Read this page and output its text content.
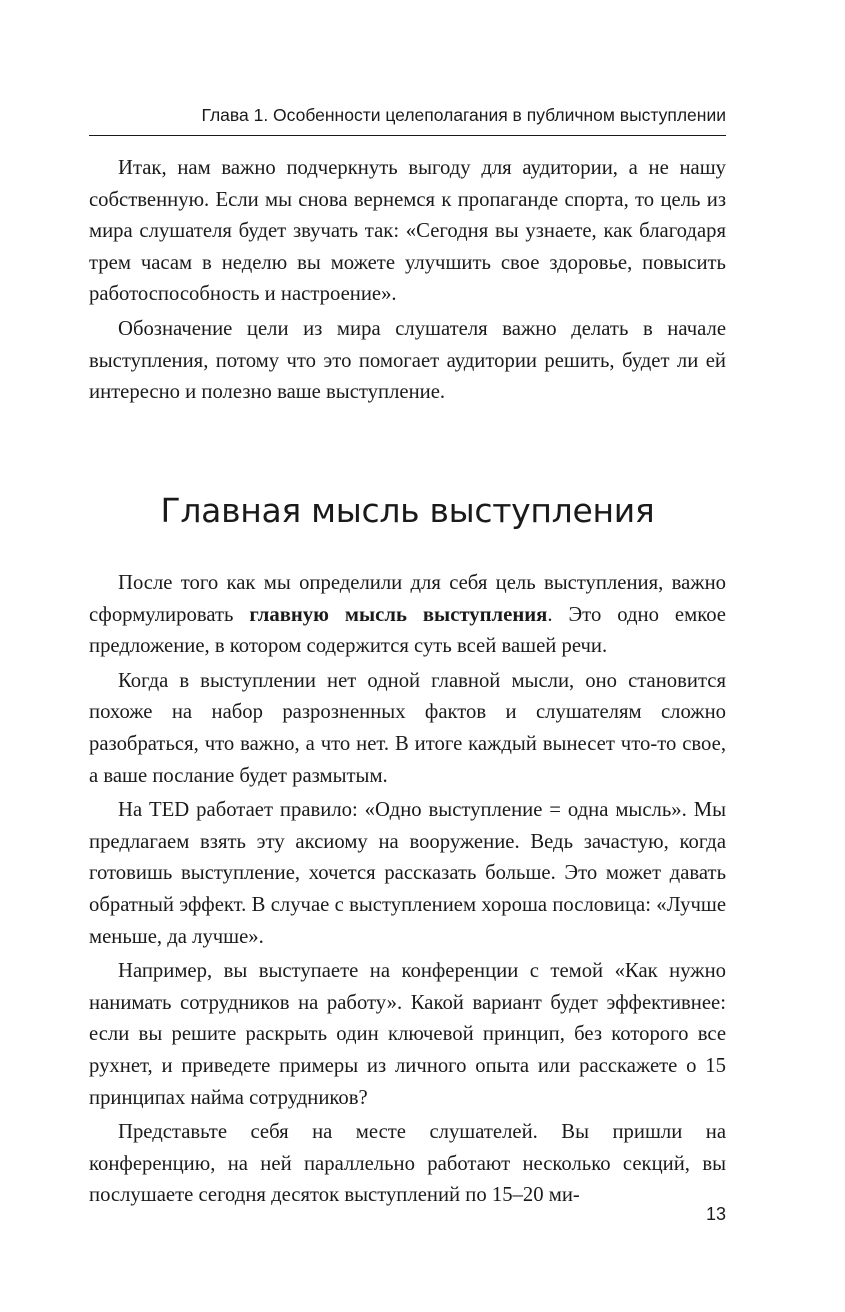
Глава 1. Особенности целеполагания в публичном выступлении

Итак, нам важно подчеркнуть выгоду для аудитории, а не нашу собственную. Если мы снова вернемся к пропаганде спорта, то цель из мира слушателя будет звучать так: «Сегодня вы узнаете, как благодаря трем часам в неделю вы можете улучшить свое здоровье, повысить работоспособность и настроение».

Обозначение цели из мира слушателя важно делать в начале выступления, потому что это помогает аудитории решить, будет ли ей интересно и полезно ваше выступление.

Главная мысль выступления

После того как мы определили для себя цель выступления, важно сформулировать главную мысль выступления. Это одно емкое предложение, в котором содержится суть всей вашей речи.

Когда в выступлении нет одной главной мысли, оно становится похоже на набор разрозненных фактов и слушателям сложно разобраться, что важно, а что нет. В итоге каждый вынесет что-то свое, а ваше послание будет размытым.

На TED работает правило: «Одно выступление = одна мысль». Мы предлагаем взять эту аксиому на вооружение. Ведь зачастую, когда готовишь выступление, хочется рассказать больше. Это может давать обратный эффект. В случае с выступлением хороша пословица: «Лучше меньше, да лучше».

Например, вы выступаете на конференции с темой «Как нужно нанимать сотрудников на работу». Какой вариант будет эффективнее: если вы решите раскрыть один ключевой принцип, без которого все рухнет, и приведете примеры из личного опыта или расскажете о 15 принципах найма сотрудников?

Представьте себя на месте слушателей. Вы пришли на конференцию, на ней параллельно работают несколько секций, вы послушаете сегодня десяток выступлений по 15–20 ми-

13
